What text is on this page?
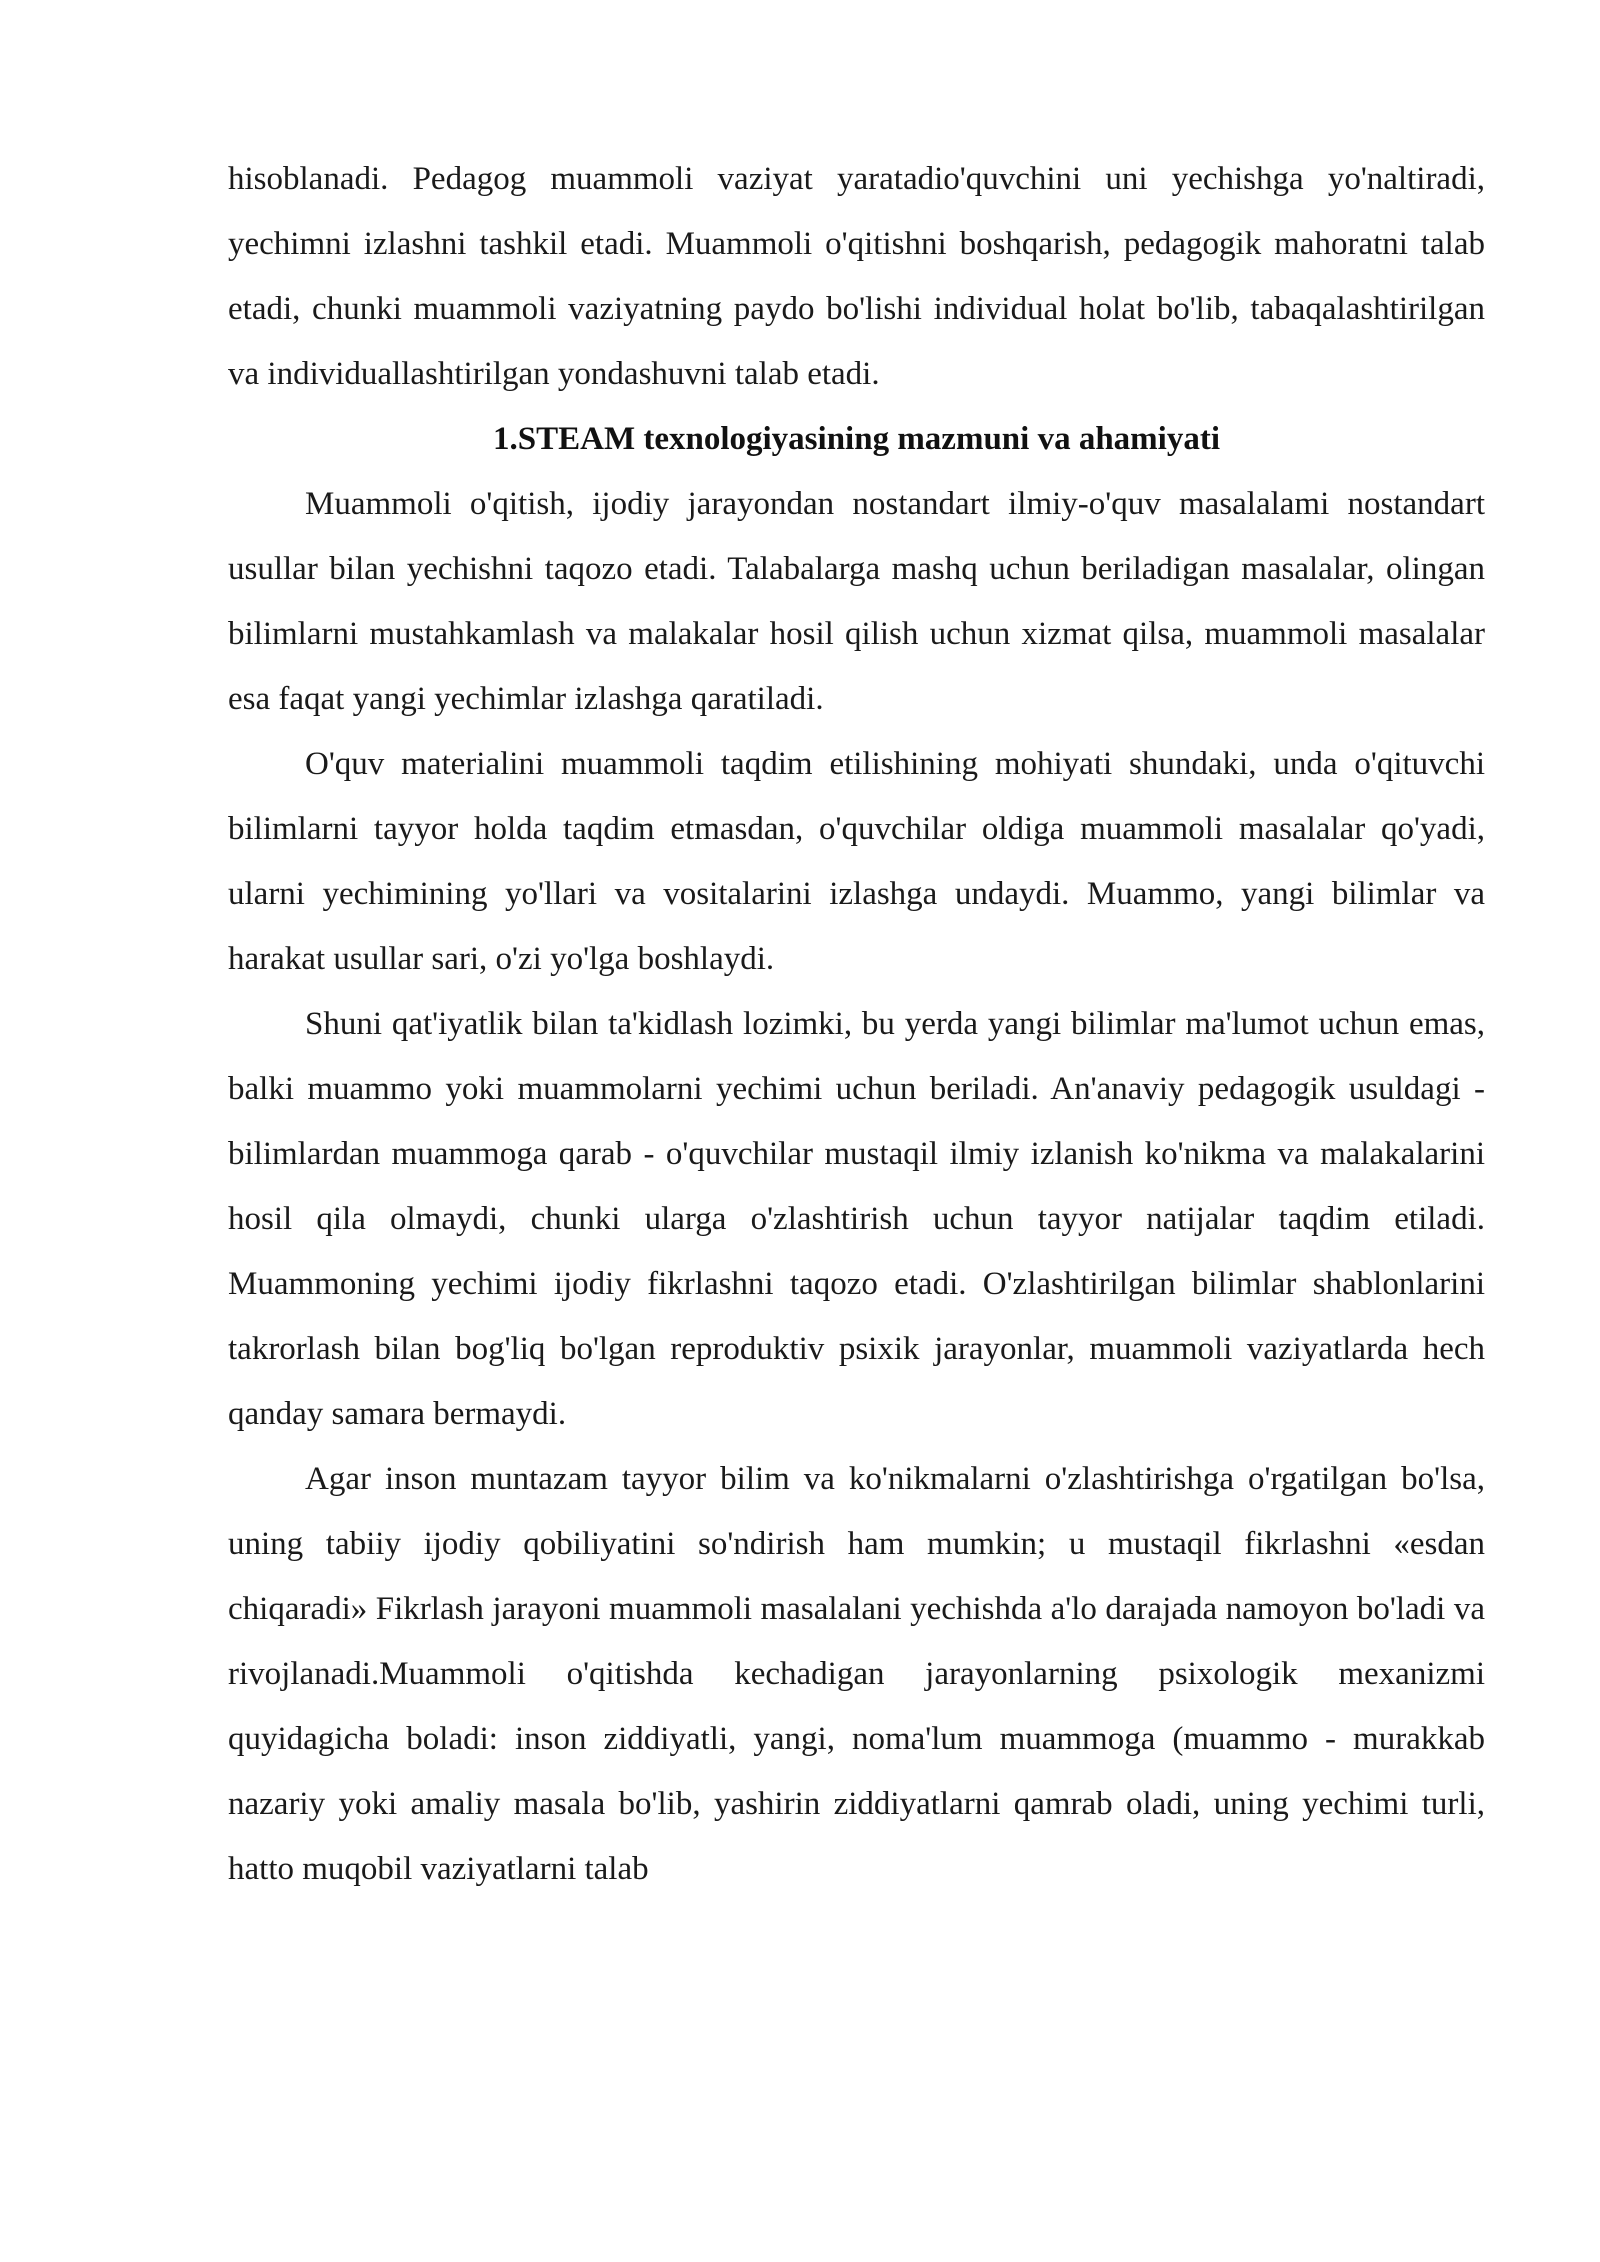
hisoblanadi. Pedagog muammoli vaziyat yaratadio'quvchini uni yechishga yo'naltiradi, yechimni izlashni tashkil etadi. Muammoli o'qitishni boshqarish, pedagogik mahoratni talab etadi, chunki muammoli vaziyatning paydo bo'lishi individual holat bo'lib, tabaqalashtirilgan va individuallashtirilgan yondashuvni talab etadi.

1.STEAM texnologiyasining mazmuni va ahamiyati

Muammoli o'qitish, ijodiy jarayondan nostandart ilmiy-o'quv masalalami nostandart usullar bilan yechishni taqozo etadi. Talabalarga mashq uchun beriladigan masalalar, olingan bilimlarni mustahkamlash va malakalar hosil qilish uchun xizmat qilsa, muammoli masalalar esa faqat yangi yechimlar izlashga qaratiladi.

O'quv materialini muammoli taqdim etilishining mohiyati shundaki, unda o'qituvchi bilimlarni tayyor holda taqdim etmasdan, o'quvchilar oldiga muammoli masalalar qo'yadi, ularni yechimining yo'llari va vositalarini izlashga undaydi. Muammo, yangi bilimlar va harakat usullar sari, o'zi yo'lga boshlaydi.

Shuni qat'iyatlik bilan ta'kidlash lozimki, bu yerda yangi bilimlar ma'lumot uchun emas, balki muammo yoki muammolarni yechimi uchun beriladi. An'anaviy pedagogik usuldagi - bilimlardan muammoga qarab - o'quvchilar mustaqil ilmiy izlanish ko'nikma va malakalarini hosil qila olmaydi, chunki ularga o'zlashtirish uchun tayyor natijalar taqdim etiladi. Muammoning yechimi ijodiy fikrlashni taqozo etadi. O'zlashtirilgan bilimlar shablonlarini takrorlash bilan bog'liq bo'lgan reproduktiv psixik jarayonlar, muammoli vaziyatlarda hech qanday samara bermaydi.

Agar inson muntazam tayyor bilim va ko'nikmalarni o'zlashtirishga o'rgatilgan bo'lsa, uning tabiiy ijodiy qobiliyatini so'ndirish ham mumkin; u mustaqil fikrlashni «esdan chiqaradi» Fikrlash jarayoni muammoli masalalani yechishda a'lo darajada namoyon bo'ladi va rivojlanadi.Muammoli o'qitishda kechadigan jarayonlarning psixologik mexanizmi quyidagicha boladi: inson ziddiyatli, yangi, noma'lum muammoga (muammo - murakkab nazariy yoki amaliy masala bo'lib, yashirin ziddiyatlarni qamrab oladi, uning yechimi turli, hatto muqobil vaziyatlarni talab
